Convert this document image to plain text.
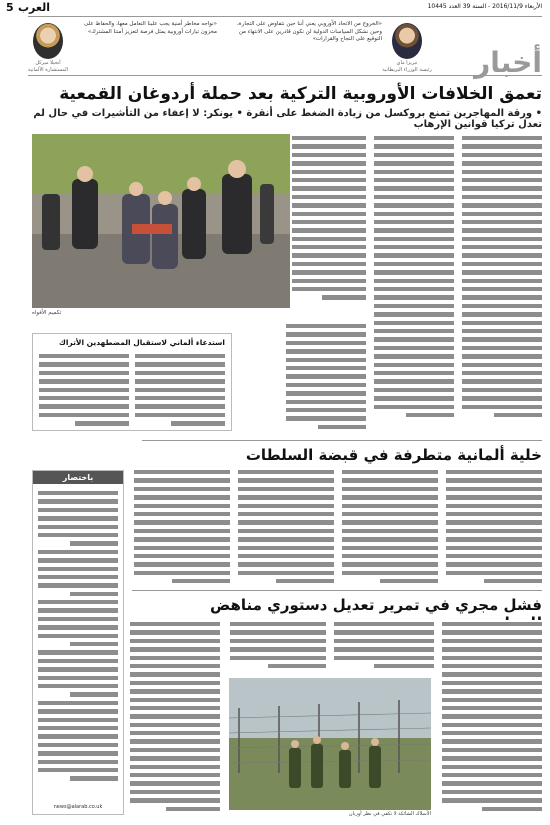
5 العرب	الأربعاء 2016/11/9 - السنة 39 العدد 10445
«الخروج من الاتحاد الأوروبي يعني أننا حين نتفاوض على التجارة، وحين نشكل السياسات الدولية لن نكون قادرين على الانتهاء من التوقيع على النجاح والقرارات»
تيريزا ماي
رئيسة الوزراء البريطانية
«نواجه مخاطر أمنية يجب علينا التعامل معها، والحفاظ على مخزون تيارات أوروبية يمثل فرصة لتعزيز أمننا المشترك»
أنجيلا ميركل
المستشارة الألمانية	أخبار
تعمق الخلافات الأوروبية التركية بعد حملة أردوغان القمعية
• ورقة المهاجرين تمنع بروكسل من زيادة الضغط على أنقرة • يونكر: لا إعفاء من التأشيرات في حال لم تعدل تركيا قوانين الإرهاب
تكميم الأفواه
استدعاء ألماني لاستقبال المضطهدين الأتراك
خلية ألمانية متطرفة في قبضة السلطات
باختصار
news@alarab.co.uk
فشل مجري في تمرير تعديل دستوري مناهض
الأسلاك الشائكة لا تكفي في نظر أوربان
